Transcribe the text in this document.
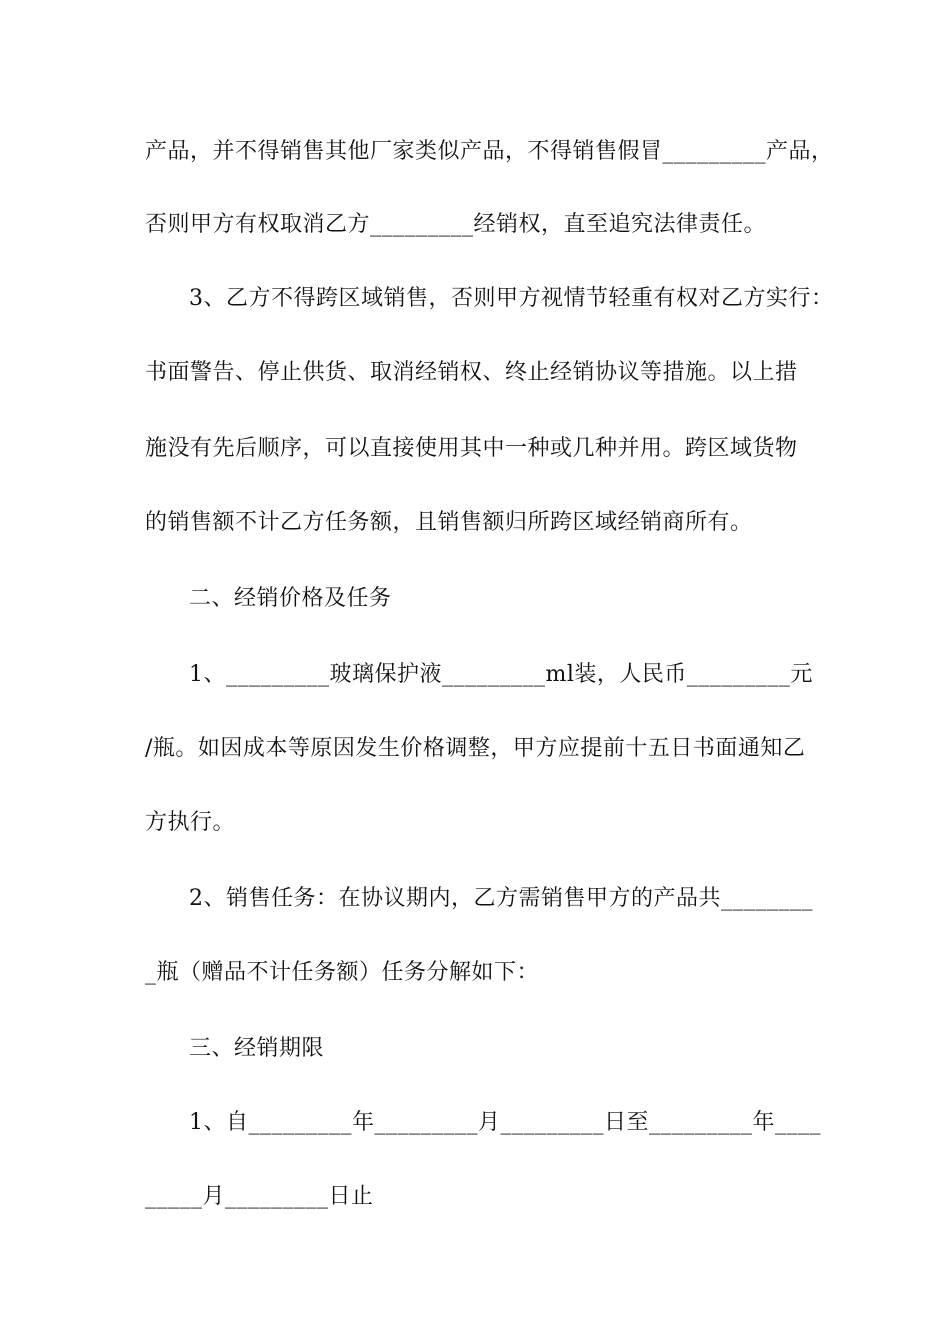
产品，并不得销售其他厂家类似产品，不得销售假冒_________产品，
否则甲方有权取消乙方_________经销权，直至追究法律责任。
3、乙方不得跨区域销售，否则甲方视情节轻重有权对乙方实行：
书面警告、停止供货、取消经销权、终止经销协议等措施。以上措
施没有先后顺序，可以直接使用其中一种或几种并用。跨区域货物
的销售额不计乙方任务额，且销售额归所跨区域经销商所有。
二、经销价格及任务
1、_________玻璃保护液_________ml装，人民币_________元
/瓶。如因成本等原因发生价格调整，甲方应提前十五日书面通知乙
方执行。
2、销售任务：在协议期内，乙方需销售甲方的产品共________
_瓶（赠品不计任务额）任务分解如下：
三、经销期限
1、自_________年_________月_________日至_________年____
_____月_________日止
